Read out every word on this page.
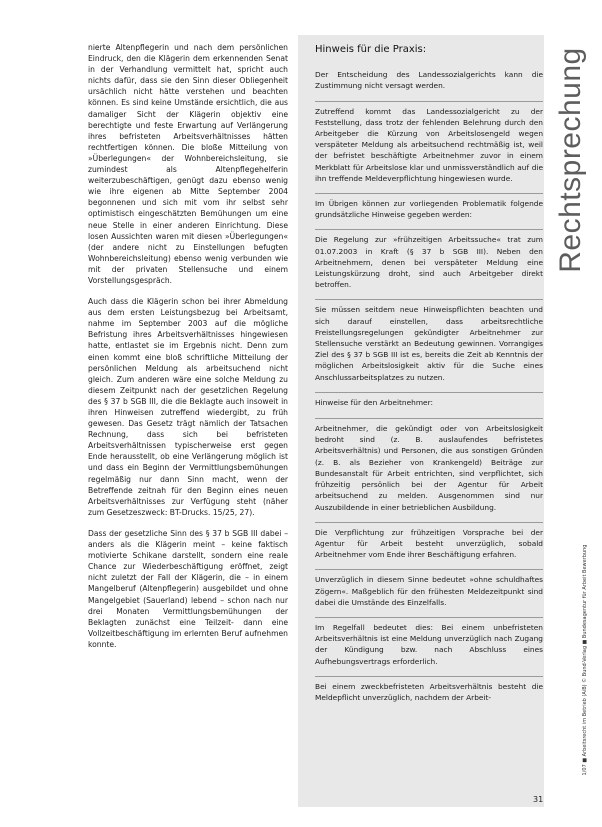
nierte Altenpflegerin und nach dem persönlichen Eindruck, den die Klägerin dem erkennenden Senat in der Verhandlung vermittelt hat, spricht auch nichts dafür, dass sie den Sinn dieser Obliegenheit ursächlich nicht hätte verstehen und beachten können. Es sind keine Umstände ersichtlich, die aus damaliger Sicht der Klägerin objektiv eine berechtigte und feste Erwartung auf Verlängerung ihres befristeten Arbeitsverhältnisses hätten rechtfertigen können. Die bloße Mitteilung von »Überlegungen« der Wohnbereichsleitung, sie zumindest als Altenpflegehelferin weiterzubeschäftigen, genügt dazu ebenso wenig wie ihre eigenen ab Mitte September 2004 begonnenen und sich mit vom ihr selbst sehr optimistisch eingeschätzten Bemühungen um eine neue Stelle in einer anderen Einrichtung. Diese losen Aussichten waren mit diesen »Überlegungen« (der andere nicht zu Einstellungen befugten Wohnbereichsleitung) ebenso wenig verbunden wie mit der privaten Stellensuche und einem Vorstellungsgespräch.

Auch dass die Klägerin schon bei ihrer Abmeldung aus dem ersten Leistungsbezug bei Arbeitsamt, nahme im September 2003 auf die mögliche Befristung ihres Arbeitsverhältnisses hingewiesen hatte, entlastet sie im Ergebnis nicht. Denn zum einen kommt eine bloß schriftliche Mitteilung der persönlichen Meldung als arbeitsuchend nicht gleich. Zum anderen wäre eine solche Meldung zu diesem Zeitpunkt nach der gesetzlichen Regelung des § 37 b SGB III, die die Beklagte auch insoweit in ihren Hinweisen zutreffend wiedergibt, zu früh gewesen. Das Gesetz trägt nämlich der Tatsachen Rechnung, dass sich bei befristeten Arbeitsverhältnissen typischerweise erst gegen Ende herausstellt, ob eine Verlängerung möglich ist und dass ein Beginn der Vermittlungsbemühungen regelmäßig nur dann Sinn macht, wenn der Betreffende zeitnah für den Beginn eines neuen Arbeitsverhältnisses zur Verfügung steht (näher zum Gesetzeszweck: BT-Drucks. 15/25, 27).

Dass der gesetzliche Sinn des § 37 b SGB III dabei – anders als die Klägerin meint – keine faktisch motivierte Schikane darstellt, sondern eine reale Chance zur Wiederbeschäftigung eröffnet, zeigt nicht zuletzt der Fall der Klägerin, die – in einem Mangelberuf (Altenpflegerin) ausgebildet und ohne Mangelgebiet (Sauerland) lebend – schon nach nur drei Monaten Vermittlungsbemühungen der Beklagten zunächst eine Teilzeit- dann eine Vollzeitbeschäftigung im erlernten Beruf aufnehmen konnte.

Hinweis für die Praxis:

Der Entscheidung des Landessozialgerichts kann die Zustimmung nicht versagt werden.

Zutreffend kommt das Landessozialgericht zu der Feststellung, dass trotz der fehlenden Belehrung durch den Arbeitgeber die Kürzung von Arbeitslosengeld wegen verspäteter Meldung als arbeitsuchend rechtmäßig ist, weil der befristet beschäftigte Arbeitnehmer zuvor in einem Merkblatt für Arbeitslose klar und unmissverständlich auf die ihn treffende Meldeverpflichtung hingewiesen wurde.

Im Übrigen können zur vorliegenden Problematik folgende grundsätzliche Hinweise gegeben werden:

Die Regelung zur »frühzeitigen Arbeitssuche« trat zum 01.07.2003 in Kraft (§ 37 b SGB III). Neben den Arbeitnehmern, denen bei verspäteter Meldung eine Leistungskürzung droht, sind auch Arbeitgeber direkt betroffen.

Sie müssen seitdem neue Hinweispflichten beachten und sich darauf einstellen, dass arbeitsrechtliche Freistellungsregelungen gekündigter Arbeitnehmer zur Stellensuche verstärkt an Bedeutung gewinnen. Vorrangiges Ziel des § 37 b SGB III ist es, bereits die Zeit ab Kenntnis der möglichen Arbeitslosigkeit aktiv für die Suche eines Anschlussarbeitsplatzes zu nutzen.

Hinweise für den Arbeitnehmer:

Arbeitnehmer, die gekündigt oder von Arbeitslosigkeit bedroht sind (z. B. auslaufendes befristetes Arbeitsverhältnis) und Personen, die aus sonstigen Gründen (z. B. als Bezieher von Krankengeld) Beiträge zur Bundesanstalt für Arbeit entrichten, sind verpflichtet, sich frühzeitig persönlich bei der Agentur für Arbeit arbeitsuchend zu melden. Ausgenommen sind nur Auszubildende in einer betrieblichen Ausbildung.

Die Verpflichtung zur frühzeitigen Vorsprache bei der Agentur für Arbeit besteht unverzüglich, sobald Arbeitnehmer vom Ende ihrer Beschäftigung erfahren.

Unverzüglich in diesem Sinne bedeutet »ohne schuldhaftes Zögern«. Maßgeblich für den frühesten Meldezeitpunkt sind dabei die Umstände des Einzelfalls.

Im Regelfall bedeutet dies: Bei einem unbefristeten Arbeitsverhältnis ist eine Meldung unverzüglich nach Zugang der Kündigung bzw. nach Abschluss eines Aufhebungsvertrags erforderlich.

Bei einem zweckbefristeten Arbeitsverhältnis besteht die Meldepflicht unverzüglich, nachdem der Arbeit-

Rechtsprechung
1/07 ■ Arbeitsrecht im Betrieb (AiB) © Bund-Verlag ■ Bundesagentur für Arbeit Bewerbung
31
